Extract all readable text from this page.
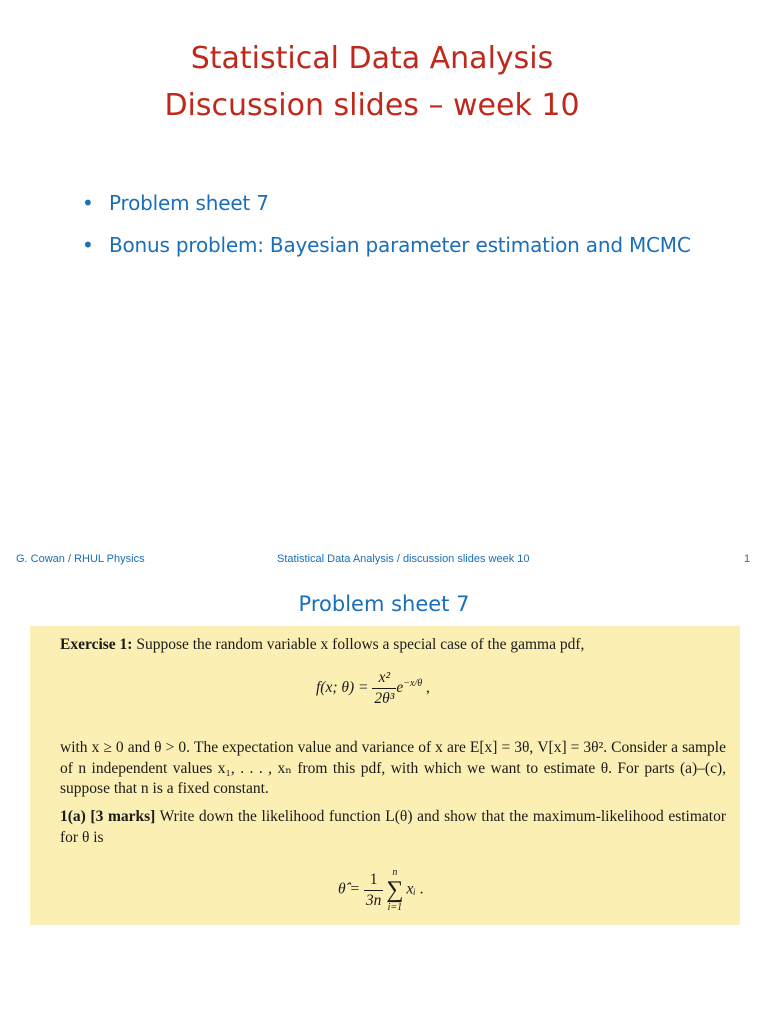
Statistical Data Analysis
Discussion slides – week 10
• Problem sheet 7
• Bonus problem: Bayesian parameter estimation and MCMC
G. Cowan / RHUL Physics	Statistical Data Analysis / discussion slides week 10	1
Problem sheet 7
Exercise 1: Suppose the random variable x follows a special case of the gamma pdf,
f(x; $\theta) = \frac{\text{x²}}{\text{2θ³}} e^{-x/\theta}$ ,
with x ≥ 0 and θ > 0. The expectation value and variance of x are E[x] = 3θ, V[x] = 3θ². Consider a sample of n independent values x₁, . . . , xₙ from this pdf, with which we want to estimate θ. For parts (a)–(c), suppose that n is a fixed constant.
1(a) [3 marks] Write down the likelihood function L(θ) and show that the maximum-likelihood estimator for θ is
θ̂ = $\frac{1}{3n}$ n
∑
i=1
xᵢ .
